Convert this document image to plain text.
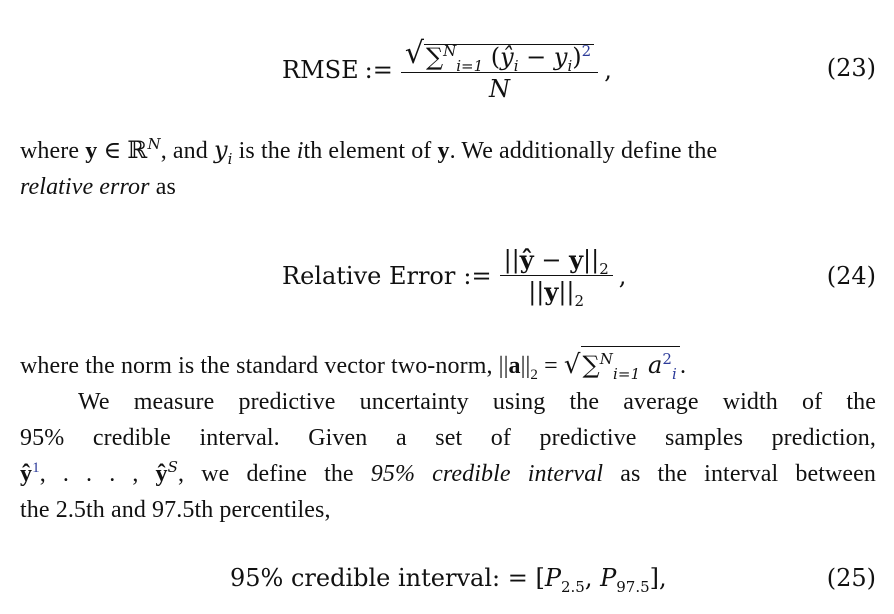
RMSE := √ ∑$^N_{i=1}$ $(ŷ_i - y_i)^2$
N
,	(23)
where y ∈ ℝ$^N$, and $y_i$ is the ith element of y. We additionally define the
relative error as
Relative Error := $\frac{||ŷ - y||_2}{||y||_2}$ ,	(24)
where the norm is the standard vector two-norm, $||a||_2 = √\sum^N_{i=1}$ $a^2_i$ .
We measure predictive uncertainty using the average width of the
95% credible interval. Given a set of predictive samples prediction,
$ŷ^1$, . . . , $ŷ^S$, we define the 95% credible interval as the interval between
the 2.5th and 97.5th percentiles,
95% credible interval: = [$P_{2.5}$, $P_{97.5}$],	(25)
